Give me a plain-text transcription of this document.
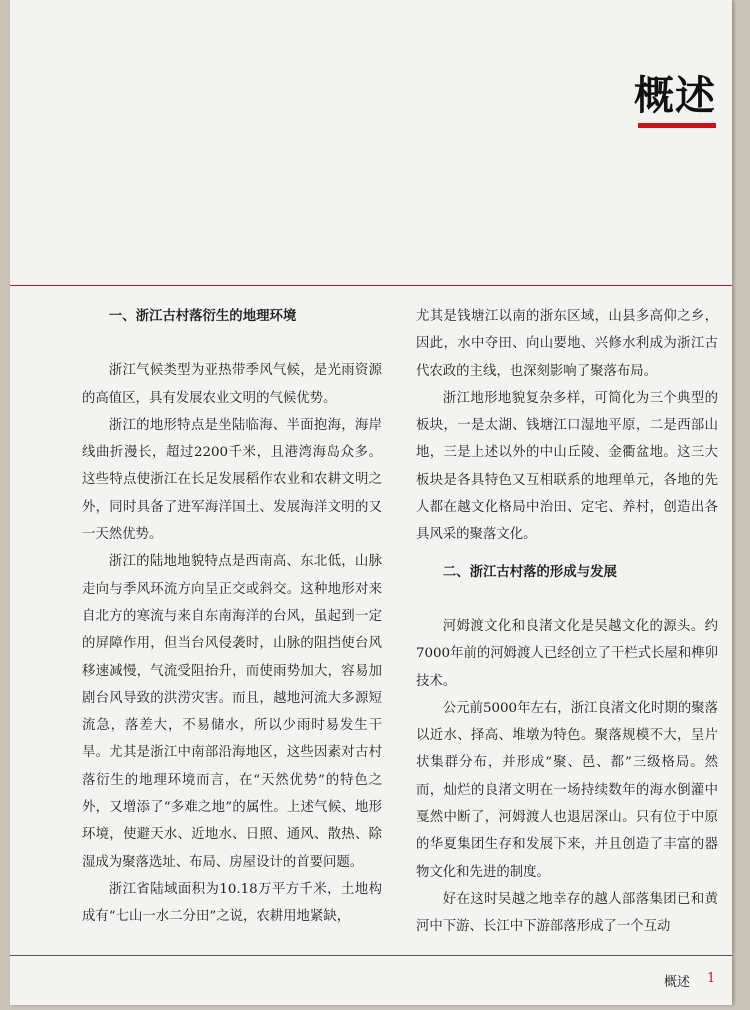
概述
一、浙江古村落衍生的地理环境

浙江气候类型为亚热带季风气候，是光雨资源的高值区，具有发展农业文明的气候优势。

浙江的地形特点是坐陆临海、半面抱海，海岸线曲折漫长，超过2200千米，且港湾海岛众多。这些特点使浙江在长足发展稻作农业和农耕文明之外，同时具备了进军海洋国土、发展海洋文明的又一天然优势。

浙江的陆地地貌特点是西南高、东北低，山脉走向与季风环流方向呈正交或斜交。这种地形对来自北方的寒流与来自东南海洋的台风，虽起到一定的屏障作用，但当台风侵袭时，山脉的阻挡使台风移速减慢，气流受阻抬升，而使雨势加大，容易加剧台风导致的洪涝灾害。而且，越地河流大多源短流急，落差大，不易储水，所以少雨时易发生干旱。尤其是浙江中南部沿海地区，这些因素对古村落衍生的地理环境而言，在“天然优势”的特色之外，又增添了“多难之地”的属性。上述气候、地形环境，使避天水、近地水、日照、通风、散热、除湿成为聚落选址、布局、房屋设计的首要问题。

浙江省陆域面积为10.18万平方千米，土地构成有“七山一水二分田”之说，农耕用地紧缺，

尤其是钱塘江以南的浙东区域，山县多高仰之乡，因此，水中夺田、向山要地、兴修水利成为浙江古代农政的主线，也深刻影响了聚落布局。

浙江地形地貌复杂多样，可简化为三个典型的板块，一是太湖、钱塘江口湿地平原，二是西部山地，三是上述以外的中山丘陵、金衢盆地。这三大板块是各具特色又互相联系的地理单元，各地的先人都在越文化格局中治田、定宅、养村，创造出各具风采的聚落文化。

二、浙江古村落的形成与发展

河姆渡文化和良渚文化是吴越文化的源头。约7000年前的河姆渡人已经创立了干栏式长屋和榫卯技术。

公元前5000年左右，浙江良渚文化时期的聚落以近水、择高、堆墩为特色。聚落规模不大，呈片状集群分布，并形成“聚、邑、都”三级格局。然而，灿烂的良渚文明在一场持续数年的海水倒灌中戛然中断了，河姆渡人也退居深山。只有位于中原的华夏集团生存和发展下来，并且创造了丰富的器物文化和先进的制度。

好在这时吴越之地幸存的越人部落集团已和黄河中下游、长江中下游部落形成了一个互动

概述 1
